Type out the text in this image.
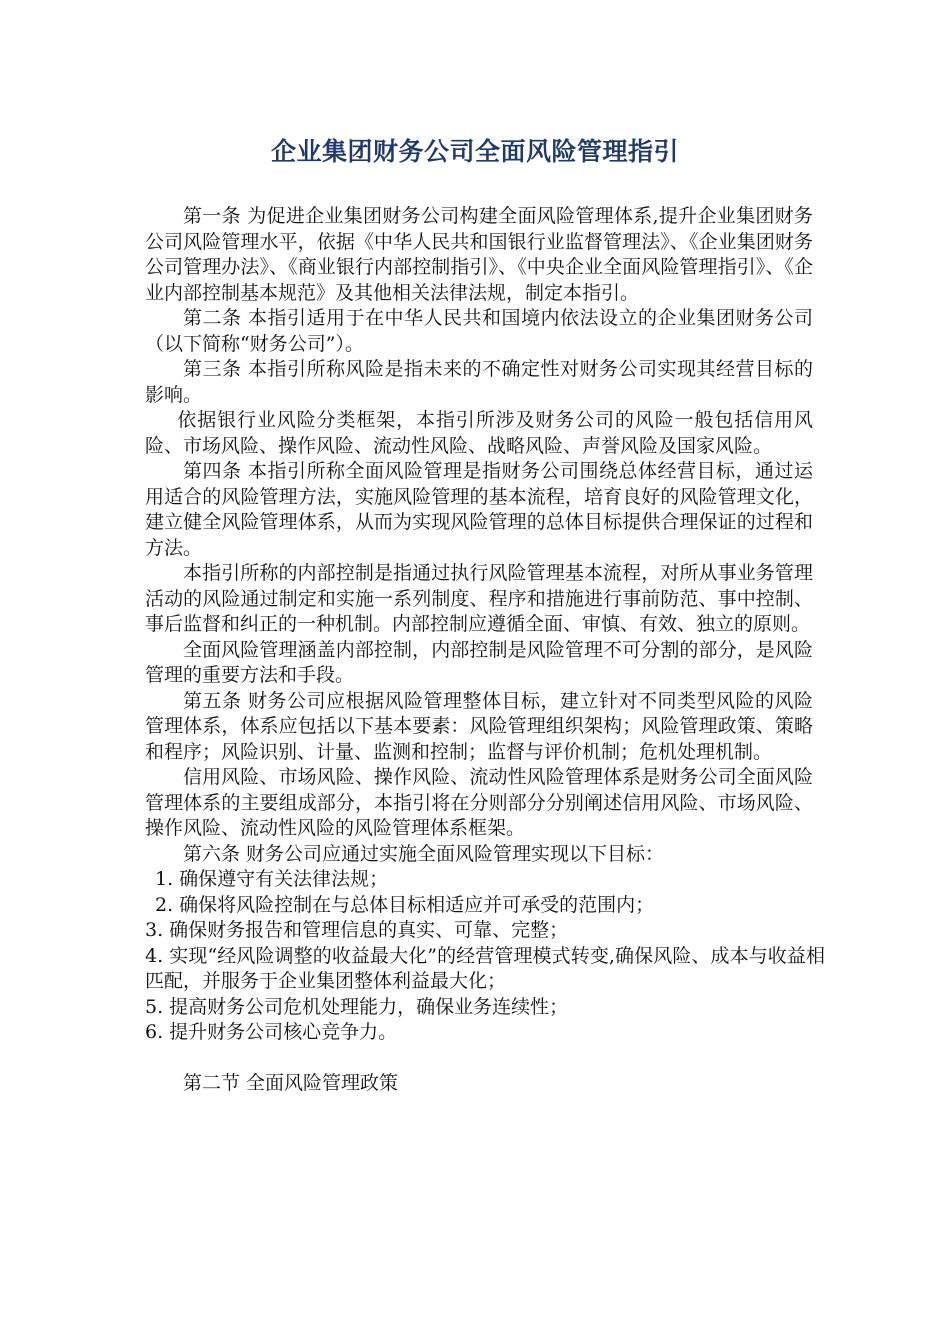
企业集团财务公司全面风险管理指引

第一条 为促进企业集团财务公司构建全面风险管理体系,提升企业集团财务公司风险管理水平，依据《中华人民共和国银行业监督管理法》、《企业集团财务公司管理办法》、《商业银行内部控制指引》、《中央企业全面风险管理指引》、《企业内部控制基本规范》及其他相关法律法规，制定本指引。

第二条 本指引适用于在中华人民共和国境内依法设立的企业集团财务公司（以下简称“财务公司”）。

第三条 本指引所称风险是指未来的不确定性对财务公司实现其经营目标的影响。

依据银行业风险分类框架，本指引所涉及财务公司的风险一般包括信用风险、市场风险、操作风险、流动性风险、战略风险、声誉风险及国家风险。

第四条 本指引所称全面风险管理是指财务公司围绕总体经营目标，通过运用适合的风险管理方法，实施风险管理的基本流程，培育良好的风险管理文化，建立健全风险管理体系，从而为实现风险管理的总体目标提供合理保证的过程和方法。

本指引所称的内部控制是指通过执行风险管理基本流程，对所从事业务管理活动的风险通过制定和实施一系列制度、程序和措施进行事前防范、事中控制、事后监督和纠正的一种机制。内部控制应遵循全面、审慎、有效、独立的原则。

全面风险管理涵盖内部控制，内部控制是风险管理不可分割的部分，是风险管理的重要方法和手段。

第五条 财务公司应根据风险管理整体目标，建立针对不同类型风险的风险管理体系，体系应包括以下基本要素：风险管理组织架构；风险管理政策、策略和程序；风险识别、计量、监测和控制；监督与评价机制；危机处理机制。

信用风险、市场风险、操作风险、流动性风险管理体系是财务公司全面风险管理体系的主要组成部分，本指引将在分则部分分别阐述信用风险、市场风险、操作风险、流动性风险的风险管理体系框架。

第六条 财务公司应通过实施全面风险管理实现以下目标：

1. 确保遵守有关法律法规；

2. 确保将风险控制在与总体目标相适应并可承受的范围内；

3. 确保财务报告和管理信息的真实、可靠、完整；

4. 实现“经风险调整的收益最大化”的经营管理模式转变,确保风险、成本与收益相匹配，并服务于企业集团整体利益最大化；

5. 提高财务公司危机处理能力，确保业务连续性；

6. 提升财务公司核心竞争力。

第二节 全面风险管理政策
